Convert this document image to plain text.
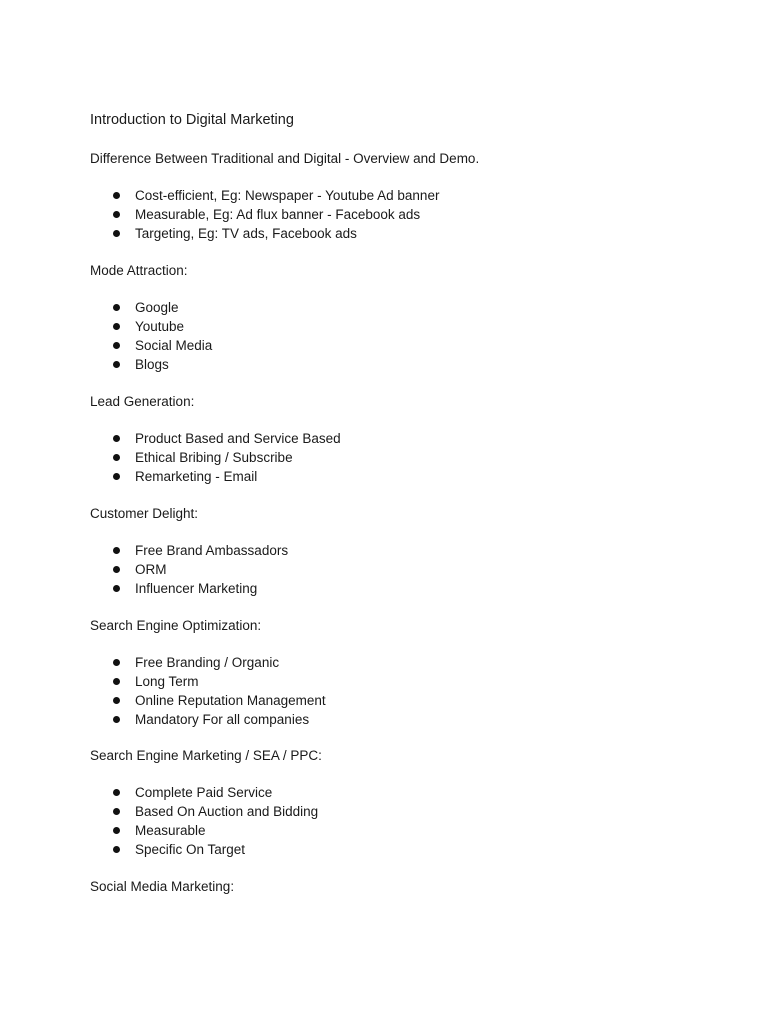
Introduction to Digital Marketing

Difference Between Traditional and Digital - Overview and Demo.

Cost-efficient, Eg: Newspaper - Youtube Ad banner
Measurable, Eg: Ad flux banner - Facebook ads
Targeting, Eg: TV ads, Facebook ads

Mode Attraction:

Google
Youtube
Social Media
Blogs

Lead Generation:

Product Based and Service Based
Ethical Bribing / Subscribe
Remarketing - Email

Customer Delight:

Free Brand Ambassadors
ORM
Influencer Marketing

Search Engine Optimization:

Free Branding / Organic
Long Term
Online Reputation Management
Mandatory For all companies

Search Engine Marketing / SEA / PPC:

Complete Paid Service
Based On Auction and Bidding
Measurable
Specific On Target

Social Media Marketing:
